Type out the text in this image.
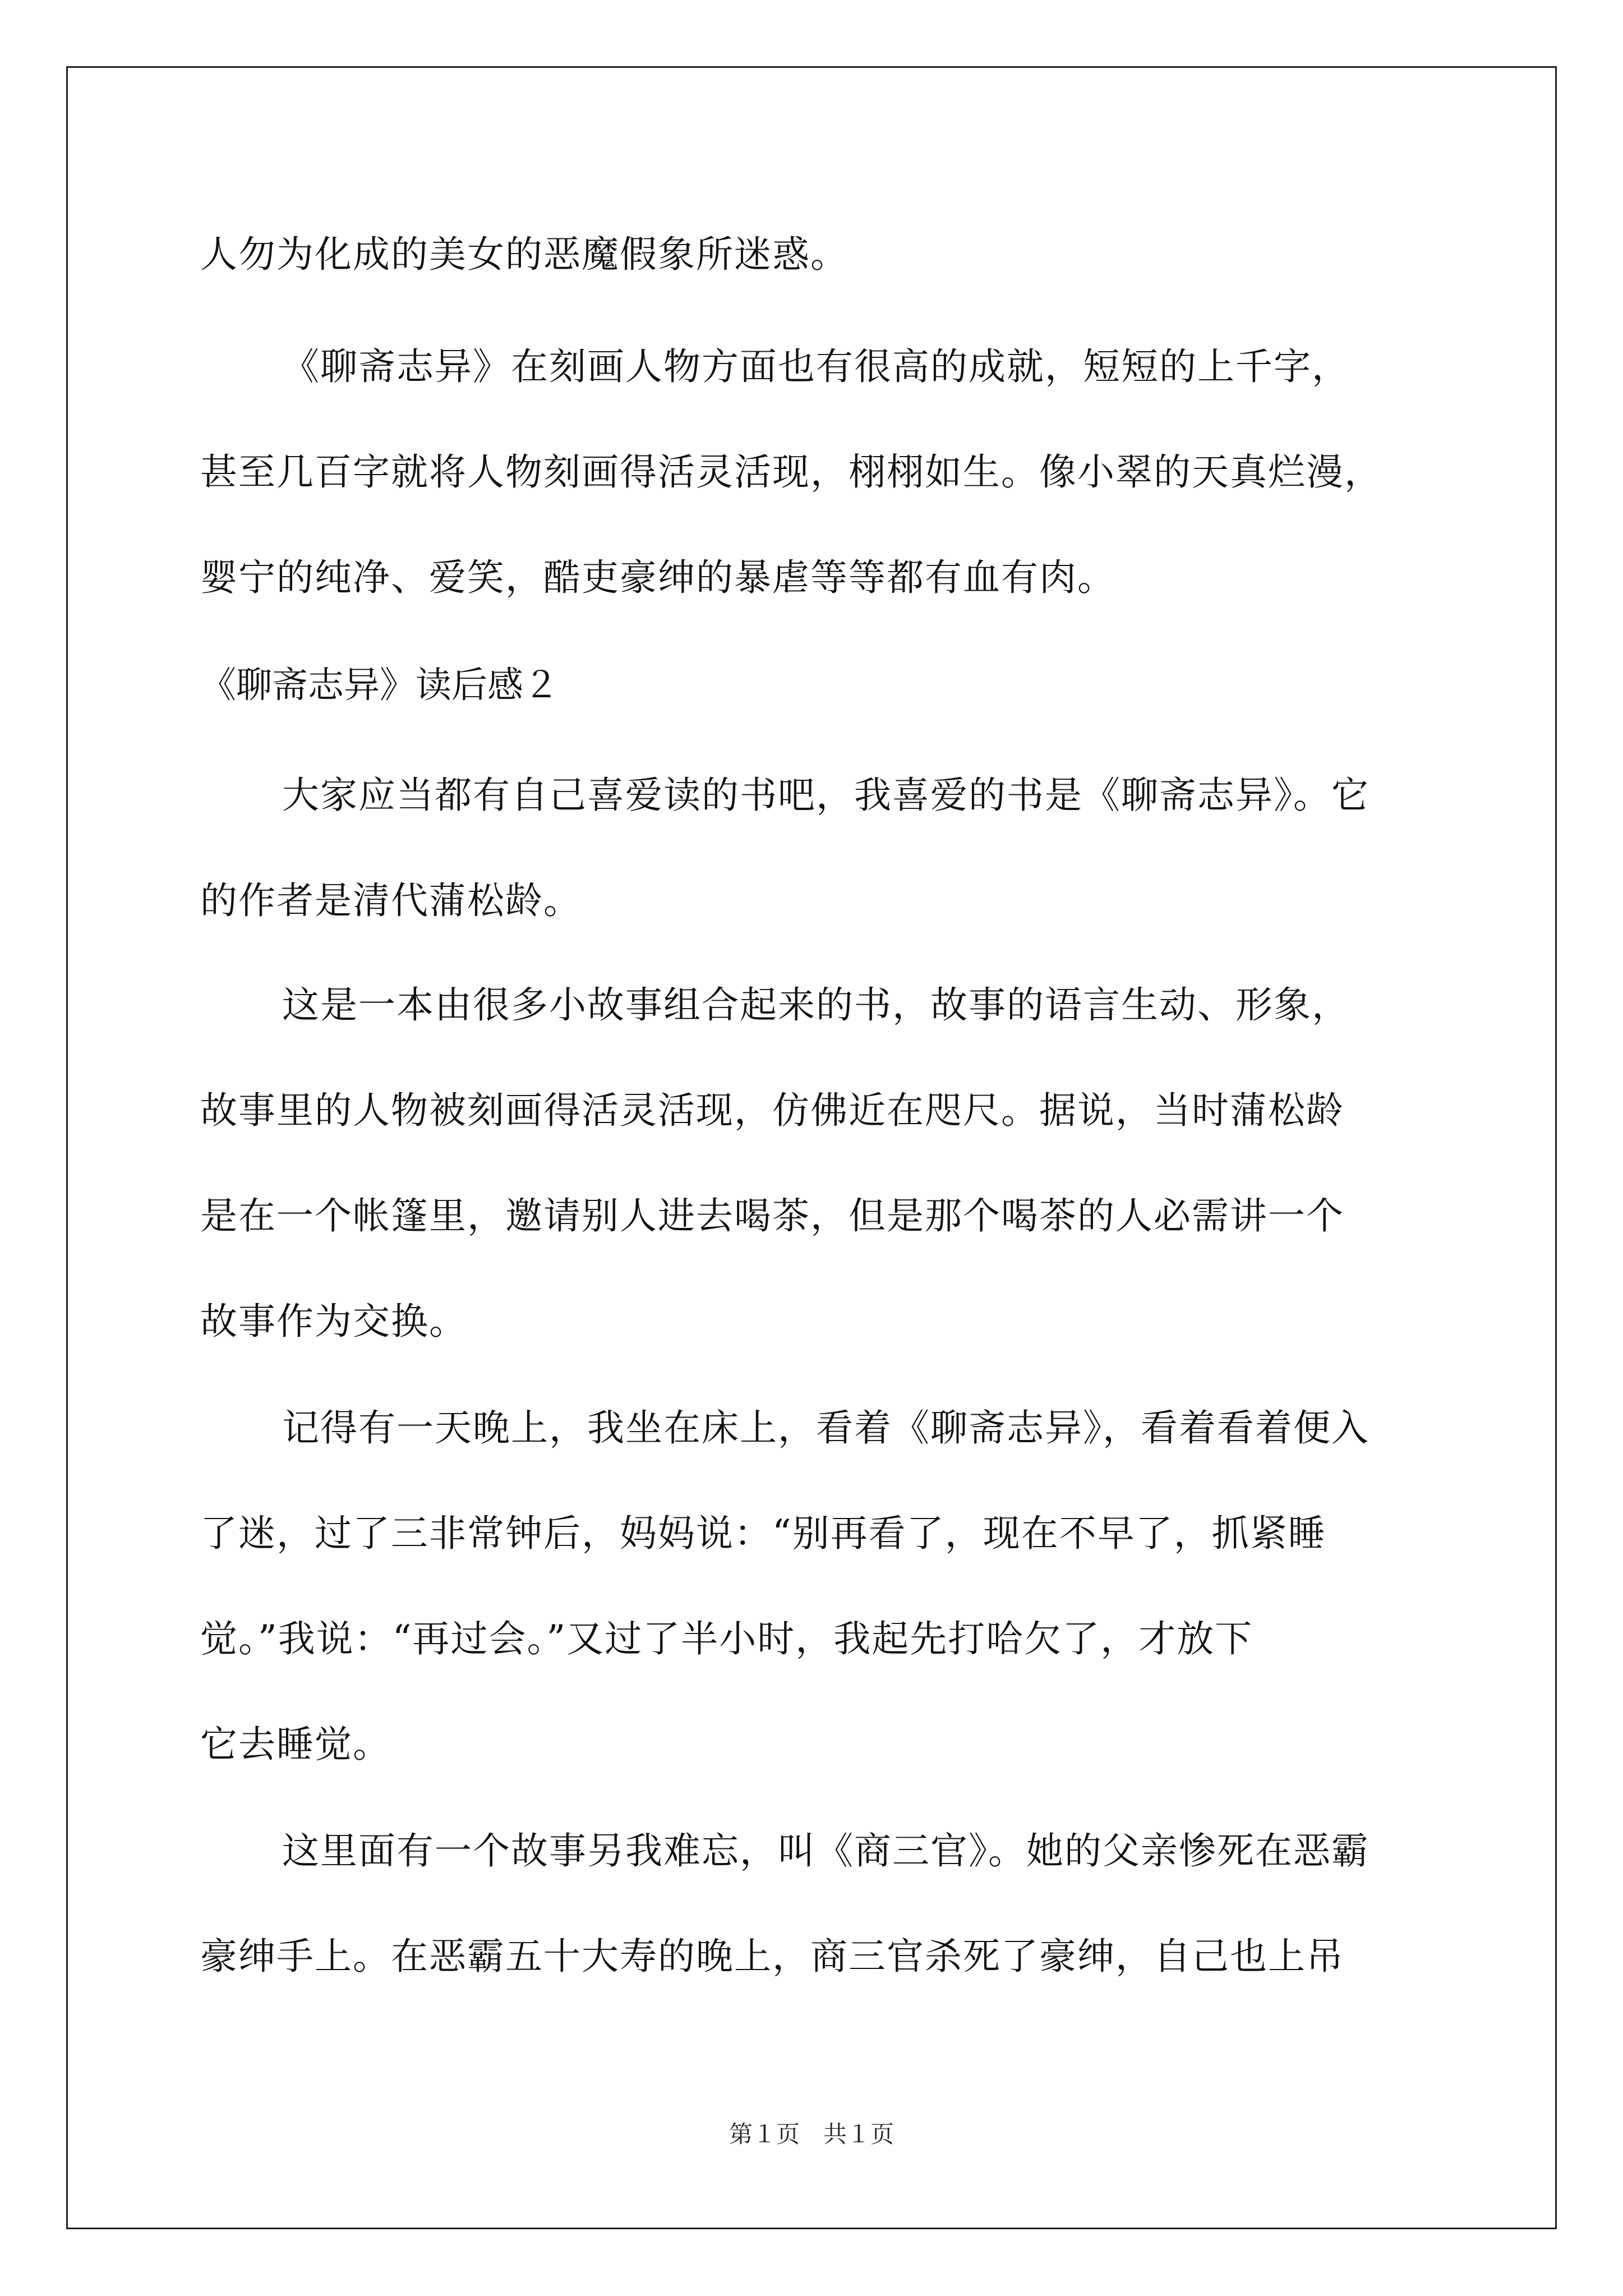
人勿为化成的美女的恶魔假象所迷惑。
《聊斋志异》在刻画人物方面也有很高的成就，短短的上千字，
甚至几百字就将人物刻画得活灵活现，栩栩如生。像小翠的天真烂漫，
婴宁的纯净、爱笑，酷吏豪绅的暴虐等等都有血有肉。
《聊斋志异》读后感２
大家应当都有自己喜爱读的书吧，我喜爱的书是《聊斋志异》。它
的作者是清代蒲松龄。
这是一本由很多小故事组合起来的书，故事的语言生动、形象，
故事里的人物被刻画得活灵活现，仿佛近在咫尺。据说，当时蒲松龄
是在一个帐篷里，邀请别人进去喝茶，但是那个喝茶的人必需讲一个
故事作为交换。
记得有一天晚上，我坐在床上，看着《聊斋志异》，看着看着便入
了迷，过了三非常钟后，妈妈说：“别再看了，现在不早了，抓紧睡
觉。”我说：“再过会。”又过了半小时，我起先打哈欠了，才放下
它去睡觉。
这里面有一个故事另我难忘，叫《商三官》。她的父亲惨死在恶霸
豪绅手上。在恶霸五十大寿的晚上，商三官杀死了豪绅，自己也上吊
第１页　共１页
